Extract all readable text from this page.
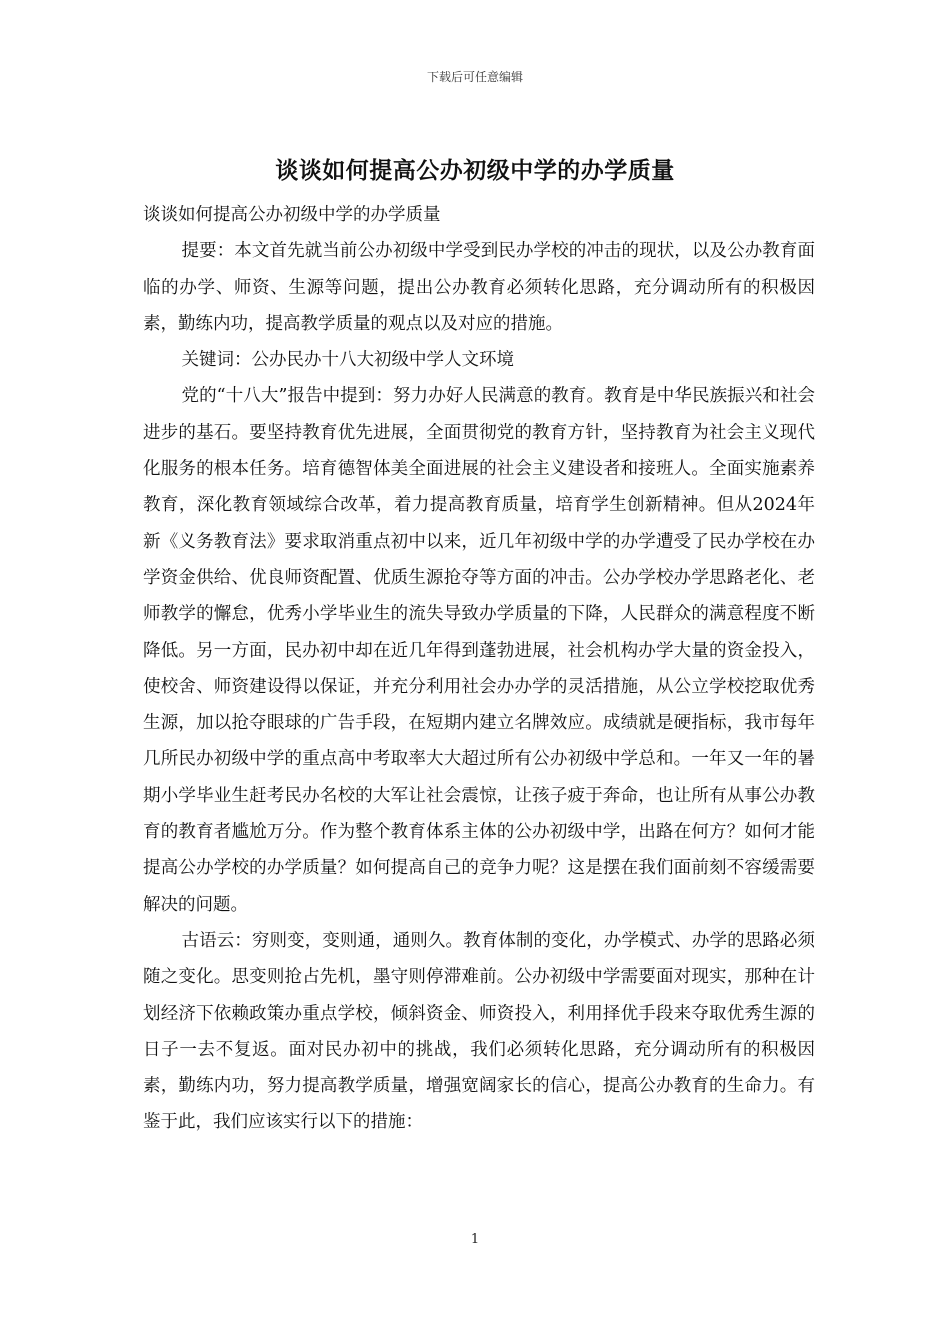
下载后可任意编辑
谈谈如何提高公办初级中学的办学质量

谈谈如何提高公办初级中学的办学质量

提要：本文首先就当前公办初级中学受到民办学校的冲击的现状，以及公办教育面临的办学、师资、生源等问题，提出公办教育必须转化思路，充分调动所有的积极因素，勤练内功，提高教学质量的观点以及对应的措施。

关键词：公办民办十八大初级中学人文环境

党的“十八大”报告中提到：努力办好人民满意的教育。教育是中华民族振兴和社会进步的基石。要坚持教育优先进展，全面贯彻党的教育方针，坚持教育为社会主义现代化服务的根本任务。培育德智体美全面进展的社会主义建设者和接班人。全面实施素养教育，深化教育领域综合改革，着力提高教育质量，培育学生创新精神。但从2024年新《义务教育法》要求取消重点初中以来，近几年初级中学的办学遭受了民办学校在办学资金供给、优良师资配置、优质生源抢夺等方面的冲击。公办学校办学思路老化、老师教学的懈怠，优秀小学毕业生的流失导致办学质量的下降，人民群众的满意程度不断降低。另一方面，民办初中却在近几年得到蓬勃进展，社会机构办学大量的资金投入，使校舍、师资建设得以保证，并充分利用社会办办学的灵活措施，从公立学校挖取优秀生源，加以抢夺眼球的广告手段，在短期内建立名牌效应。成绩就是硬指标，我市每年几所民办初级中学的重点高中考取率大大超过所有公办初级中学总和。一年又一年的暑期小学毕业生赶考民办名校的大军让社会震惊，让孩子疲于奔命，也让所有从事公办教育的教育者尴尬万分。作为整个教育体系主体的公办初级中学，出路在何方？如何才能提高公办学校的办学质量？如何提高自己的竞争力呢？这是摆在我们面前刻不容缓需要解决的问题。

古语云：穷则变，变则通，通则久。教育体制的变化，办学模式、办学的思路必须随之变化。思变则抢占先机，墨守则停滞难前。公办初级中学需要面对现实，那种在计划经济下依赖政策办重点学校，倾斜资金、师资投入，利用择优手段来夺取优秀生源的日子一去不复返。面对民办初中的挑战，我们必须转化思路，充分调动所有的积极因素，勤练内功，努力提高教学质量，增强宽阔家长的信心，提高公办教育的生命力。有鉴于此，我们应该实行以下的措施：

1
